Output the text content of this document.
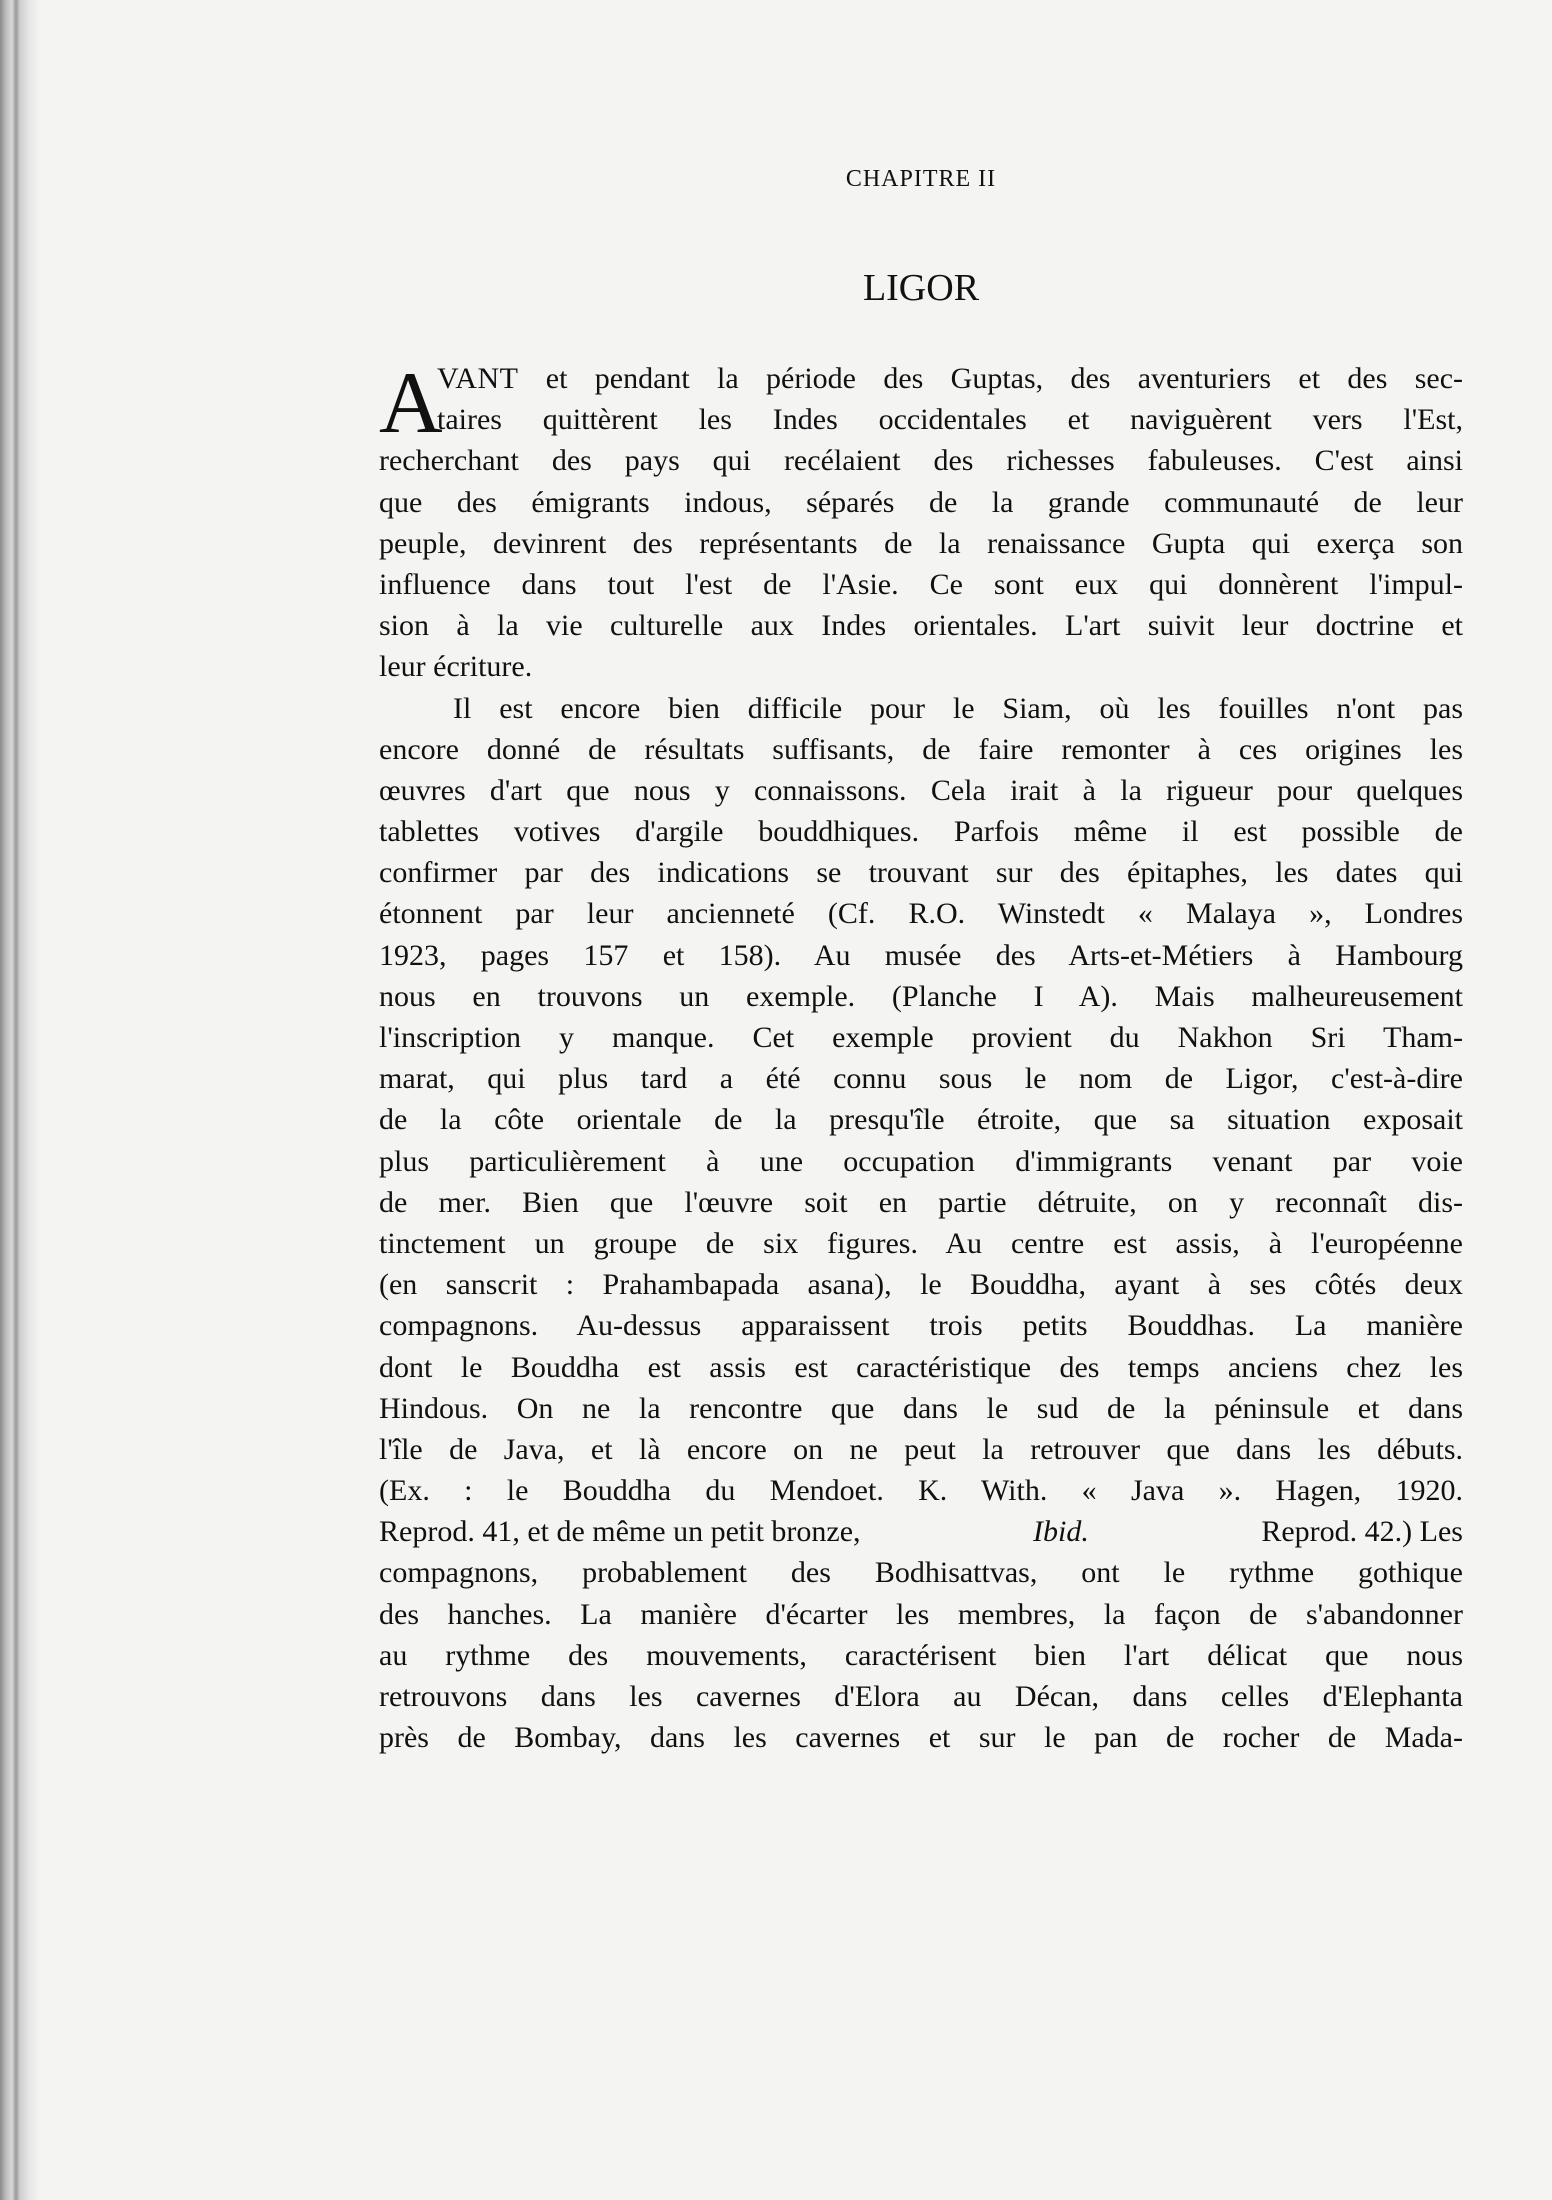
CHAPITRE II
LIGOR
A
VANT et pendant la période des Guptas, des aventuriers et des sec-
taires quittèrent les Indes occidentales et naviguèrent vers l'Est,
recherchant des pays qui recélaient des richesses fabuleuses. C'est ainsi
que des émigrants indous, séparés de la grande communauté de leur
peuple, devinrent des représentants de la renaissance Gupta qui exerça son
influence dans tout l'est de l'Asie. Ce sont eux qui donnèrent l'impul-
sion à la vie culturelle aux Indes orientales. L'art suivit leur doctrine et
leur écriture.
Il est encore bien difficile pour le Siam, où les fouilles n'ont pas
encore donné de résultats suffisants, de faire remonter à ces origines les
œuvres d'art que nous y connaissons. Cela irait à la rigueur pour quelques
tablettes votives d'argile bouddhiques. Parfois même il est possible de
confirmer par des indications se trouvant sur des épitaphes, les dates qui
étonnent par leur ancienneté (Cf. R.O. Winstedt « Malaya », Londres
1923, pages 157 et 158). Au musée des Arts-et-Métiers à Hambourg
nous en trouvons un exemple. (Planche I A). Mais malheureusement
l'inscription y manque. Cet exemple provient du Nakhon Sri Tham-
marat, qui plus tard a été connu sous le nom de Ligor, c'est-à-dire
de la côte orientale de la presqu'île étroite, que sa situation exposait
plus particulièrement à une occupation d'immigrants venant par voie
de mer. Bien que l'œuvre soit en partie détruite, on y reconnaît dis-
tinctement un groupe de six figures. Au centre est assis, à l'européenne
(en sanscrit : Prahambapada asana), le Bouddha, ayant à ses côtés deux
compagnons. Au-dessus apparaissent trois petits Bouddhas. La manière
dont le Bouddha est assis est caractéristique des temps anciens chez les
Hindous. On ne la rencontre que dans le sud de la péninsule et dans
l'île de Java, et là encore on ne peut la retrouver que dans les débuts.
(Ex. : le Bouddha du Mendoet. K. With. « Java ». Hagen, 1920.
Reprod. 41, et de même un petit bronze,	Ibid.	Reprod. 42.) Les
compagnons, probablement des Bodhisattvas, ont le rythme gothique
des hanches. La manière d'écarter les membres, la façon de s'abandonner
au rythme des mouvements, caractérisent bien l'art délicat que nous
retrouvons dans les cavernes d'Elora au Décan, dans celles d'Elephanta
près de Bombay, dans les cavernes et sur le pan de rocher de Mada-
